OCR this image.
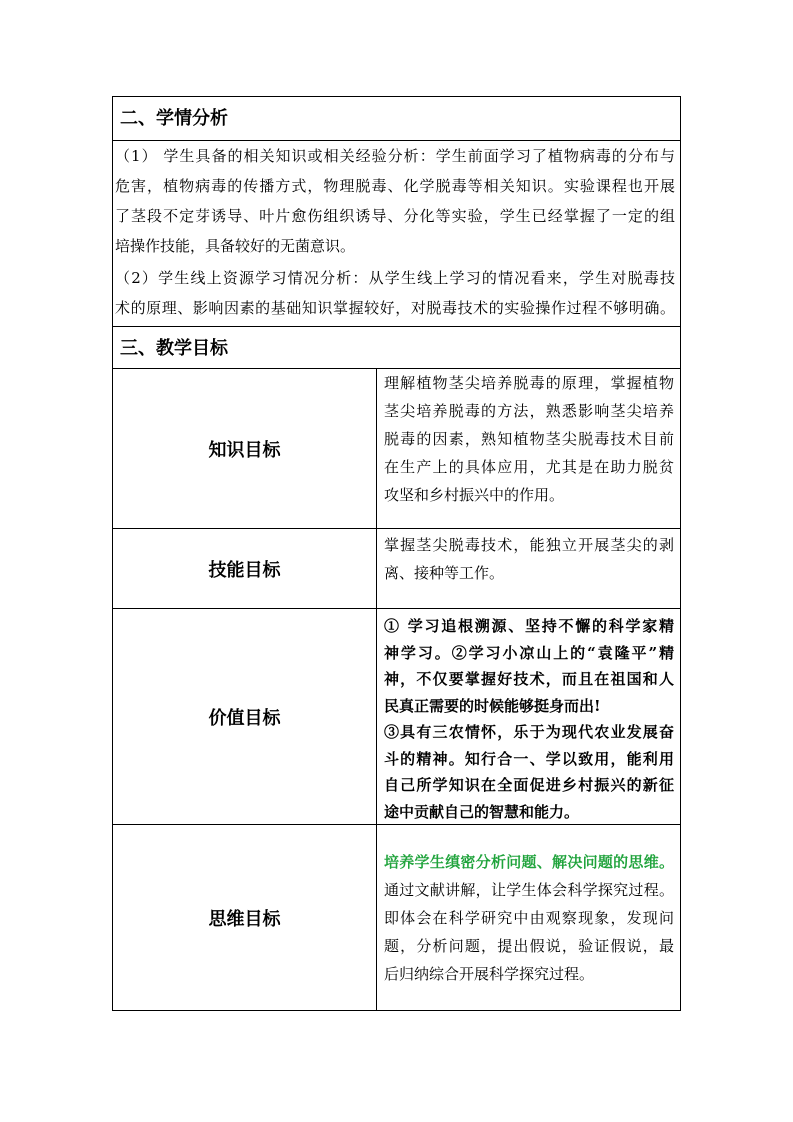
二、学情分析
（1） 学生具备的相关知识或相关经验分析：学生前面学习了植物病毒的分布与
危害，植物病毒的传播方式，物理脱毒、化学脱毒等相关知识。实验课程也开展
了茎段不定芽诱导、叶片愈伤组织诱导、分化等实验，学生已经掌握了一定的组
培操作技能，具备较好的无菌意识。
（2）学生线上资源学习情况分析：从学生线上学习的情况看来，学生对脱毒技
术的原理、影响因素的基础知识掌握较好，对脱毒技术的实验操作过程不够明确。
三、教学目标
知识目标
理解植物茎尖培养脱毒的原理，掌握植物
茎尖培养脱毒的方法，熟悉影响茎尖培养
脱毒的因素，熟知植物茎尖脱毒技术目前
在生产上的具体应用，尤其是在助力脱贫
攻坚和乡村振兴中的作用。
技能目标
掌握茎尖脱毒技术，能独立开展茎尖的剥
离、接种等工作。
价值目标
① 学习追根溯源、坚持不懈的科学家精
神学习。②学习小凉山上的“袁隆平”精
神，不仅要掌握好技术，而且在祖国和人
民真正需要的时候能够挺身而出!
③具有三农情怀，乐于为现代农业发展奋
斗的精神。知行合一、学以致用，能利用
自己所学知识在全面促进乡村振兴的新征
途中贡献自己的智慧和能力。
思维目标
培养学生缜密分析问题、解决问题的思维。
通过文献讲解，让学生体会科学探究过程。
即体会在科学研究中由观察现象，发现问
题，分析问题，提出假说，验证假说，最
后归纳综合开展科学探究过程。
